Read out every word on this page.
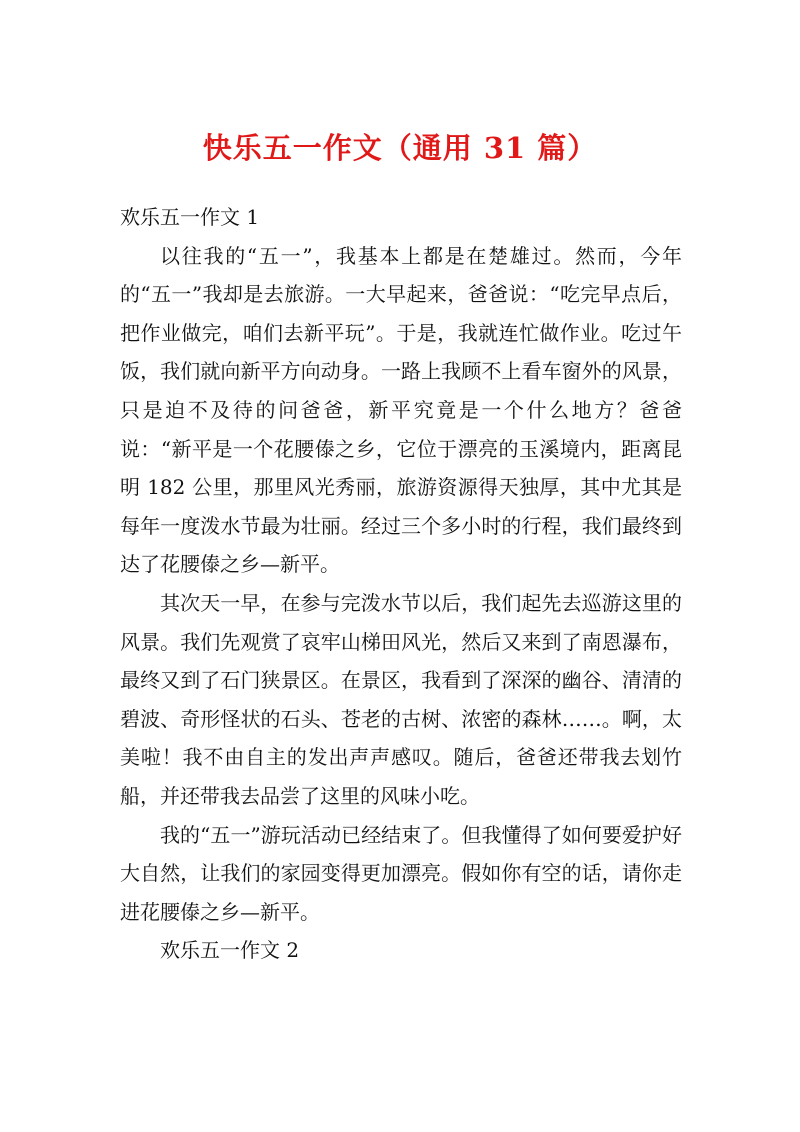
快乐五一作文（通用 31 篇）

欢乐五一作文 1

以往我的“五一”，我基本上都是在楚雄过。然而，今年的“五一”我却是去旅游。一大早起来，爸爸说：“吃完早点后，把作业做完，咱们去新平玩”。于是，我就连忙做作业。吃过午饭，我们就向新平方向动身。一路上我顾不上看车窗外的风景，只是迫不及待的问爸爸，新平究竟是一个什么地方？爸爸说：“新平是一个花腰傣之乡，它位于漂亮的玉溪境内，距离昆明 182 公里，那里风光秀丽，旅游资源得天独厚，其中尤其是每年一度泼水节最为壮丽。经过三个多小时的行程，我们最终到达了花腰傣之乡—新平。

其次天一早，在参与完泼水节以后，我们起先去巡游这里的风景。我们先观赏了哀牢山梯田风光，然后又来到了南恩瀑布，最终又到了石门狭景区。在景区，我看到了深深的幽谷、清清的碧波、奇形怪状的石头、苍老的古树、浓密的森林……。啊，太美啦！我不由自主的发出声声感叹。随后，爸爸还带我去划竹船，并还带我去品尝了这里的风味小吃。

我的“五一”游玩活动已经结束了。但我懂得了如何要爱护好大自然，让我们的家园变得更加漂亮。假如你有空的话，请你走进花腰傣之乡—新平。

欢乐五一作文 2
